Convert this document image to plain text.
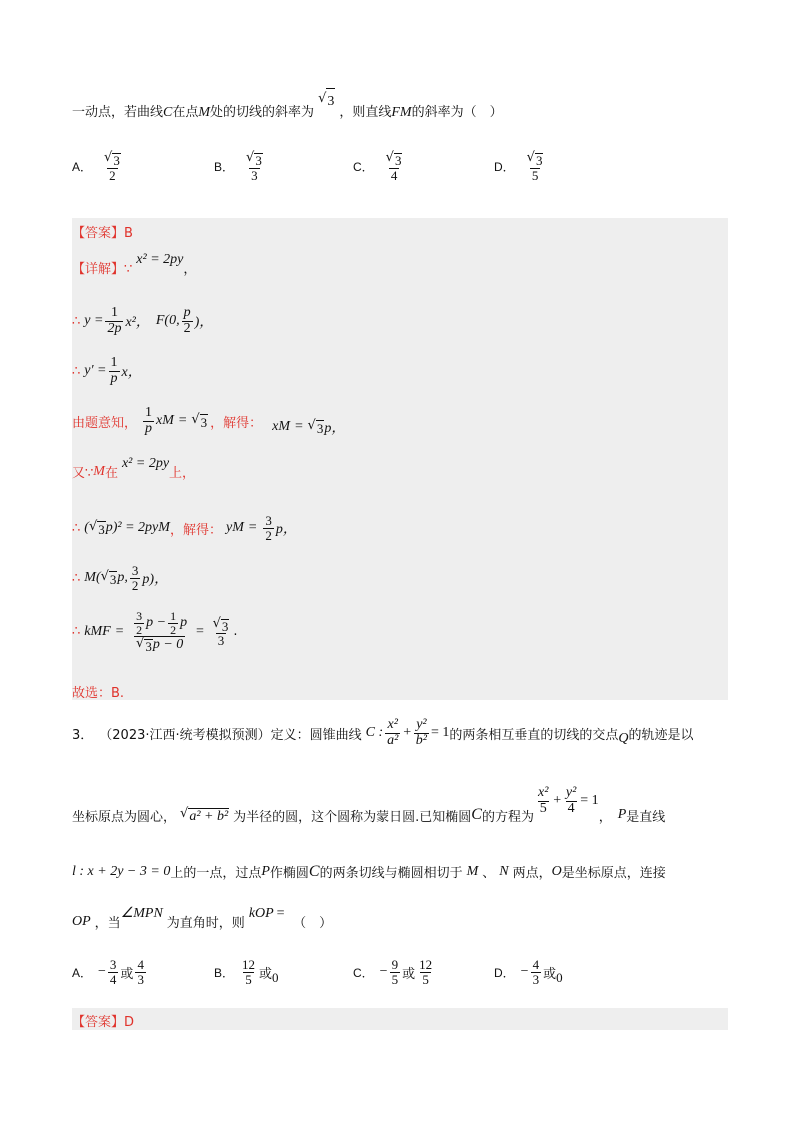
一动点，若曲线C在点M处的切线的斜率为
√ 3
，则直线FM的斜率为（　）
A． $\frac{√ 3}{2}$	B． $\frac{√ 3}{3}$	C． $\frac{√ 3}{4}$	D． $\frac{√ 3}{5}$
【答案】B
【详解】∵
x² = 2py
，
∴ $y = \frac{1}{2p} x^2$， F(0, $\frac{p}{2}$ )，
∴ $y' = \frac{1}{p}$ x，
由题意知， $\frac{1}{p}$ x M = √ 3 ，解得： $x_M$ = √ 3 p，
又∵ M 在
x² = 2py
上，
∴ ( √ 3 p)² = 2py M ，解得： y $M = \frac{3}{2}$ p，
∴ M( √ 3 p, $\frac{3}{2} p$)，
∴ k MF = $\frac{\frac{3}{2} p - \frac{1}{2} p}{√ 3 p - 0} = \frac{√ 3}{3}$ .
故选：B.
3． （2023·江西·统考模拟预测）定义：圆锥曲线 C : $\frac{\text{x²}}{\text{a²}} + \frac{\text{y²}}{\text{b²}} = 1$ 的两条相互垂直的切线的交点 Q 的轨迹是以
坐标原点为圆心， √ a² + b² 为半径的圆，这个圆称为蒙日圆.已知椭圆 C 的方程为
$\frac{\text{x²}}{5} + \frac{\text{y²}}{4} = 1$
， P 是直线
l : x + 2y − 3 = 0 上的一点，过点 P 作椭圆 C 的两条切线与椭圆相切于 M 、 N 两点， O 是坐标原点，连接
OP ，当
∠MPN
为直角时，则
$k_{OP}$ =
（　）
A． − $\frac{3}{4}$ 或 $\frac{4}{3}$	B． $\frac{12}{5}$ 或 0	C． − $\frac{9}{5}$ 或 $\frac{12}{5}$	D． − $\frac{4}{3}$ 或 0
【答案】D
